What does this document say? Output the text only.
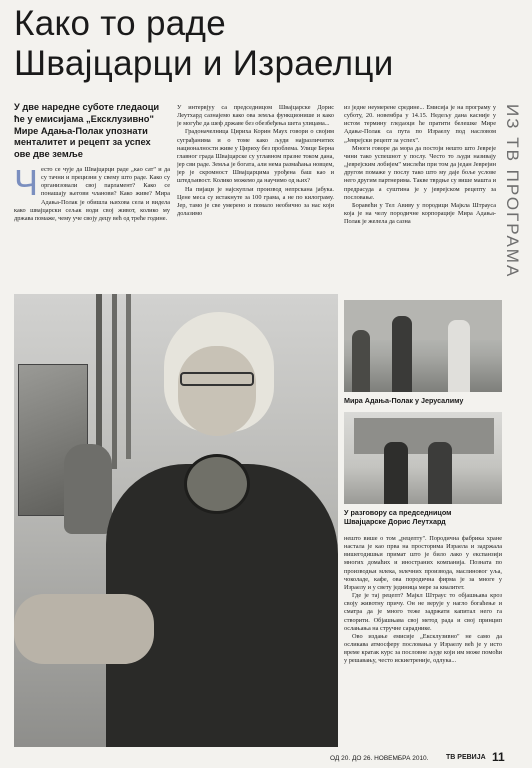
Како то раде
Швајцарци и Израелци
У две наредне суботе гледаоци
ће у емисијама „Ексклузивно"
Мире Адања-Полак упознати
менталитет и рецепт за успех
ове две земље
Ч есто се чује да Швајцарци раде „као сат" и да су тачни и прецизни у свему што раде. Како су организовали свој парламент? Како се понашају његови чланови? Како живе? Мира Адања-Полак је обишла њихова села и видела како швајцарски сељак води свој живот, колико му држава помаже, чему уче своју децу већ од треће године.

У интервјуу са председницом Швајцарске Дорис Леутхард сазнајемо како ова земља функционише и како је могуће да шеф државе без обезбеђења шета улицама...

Градоначелница Цириха Корин Маух говори о својим суграђанима и о томе како људи најразличитих националности живе у Цириху без проблема. Улице Берна главног града Швајцарске су углавном празне током дана, јер сви раде. Земља је богата, али нема размаћања новцем, јер је скромност Швајцарцима урођена баш као и штедљивост. Колико можемо да научимо од њих?

На пијаци је најскупљи производ непрскана јабука. Цене меса су истакнуте за 100 грама, а не по килограму. Јер, тамо је све умерено и помало необично за нас који долазимо

из једне неумерене средине... Емисија је на програму у суботу, 20. новембра у 14.15. Недељу дана касније у истом термину гледаоци ће пратити белешке Мире Адање-Полак са пута по Израелу под насловом „Јеврејски рецепт за успех".

Многи говоре да мора да постоји нешто што Јевреје чини тако успешнот у послу. Често то људи називају „јеврејским лобијем" мислећи при том да један Јеврејин другом помаже у послу тако што му даје боље услове него другим партнерима. Такве тврдње су више машта и предрасуда а суштина је у јеврејском рецепту за пословање.

Боравећи у Тел Авиву у породици Мајкла Штрауса која је на челу породичне корпорације Мира Адања-Полак је желела да сазна	ИЗ ТВ ПРОГРАМА
Мира Адања-Полак у Јерусалиму
У разговору са председницом
Швајцарске Дорис Леутхард

нешто више о том „рецепту". Породична фабрика хране настала је као прва на просторима Израела и задржала вишегодишњи примат што је било лако у експанзији многих домаћих и иностраних компанија. Позната по производњи млека, млечних производа, маслиновог уља, чоколаде, кафе, ова породична фирма је за многе у Израелу и у свету јединица мере за квалитет.

Где је тај рецепт? Мајкл Штраус то објашњава кроз своју животну причу. Он не верује у нагло богаћење и сматра да је много теже задржати капитал него га створити. Објашњава свој метод рада и свој принцип ослањања на стручне сараднике.

Ово издање емисије „Ексклузивно" не само да осликава атмосферу пословања у Израелу већ је у исто време кратак курс за пословне људе који им може помоћи у решавању, често искиетреније, одлука...

ОД 20. ДО 26. НОВЕМБРА 2010.	ТВ РЕВИЈА 11
